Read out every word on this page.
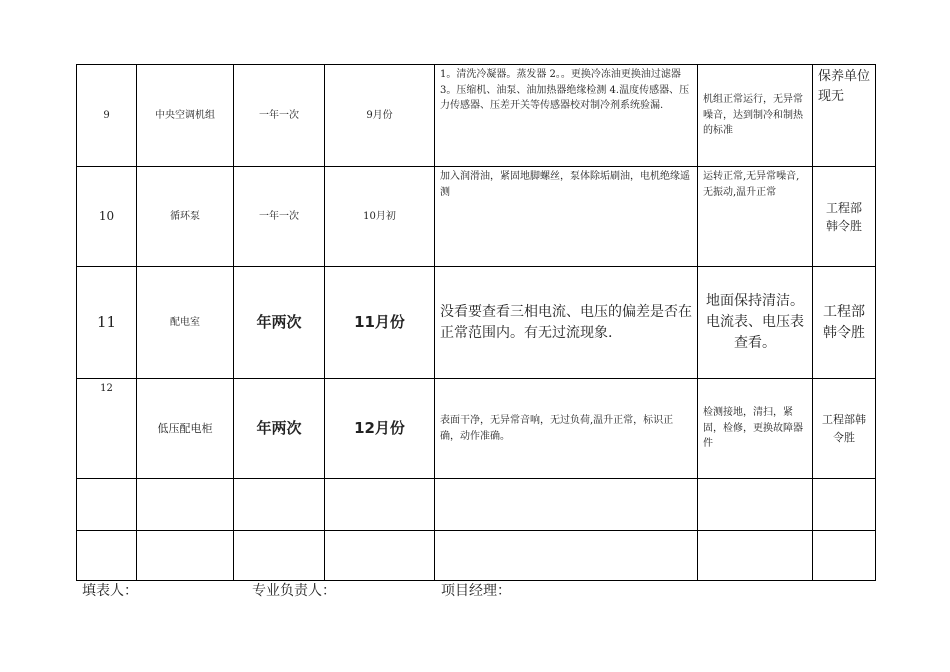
9	中央空调机组	一年一次	9月份	1。清洗冷凝器。蒸发器 2。。更换冷冻油更换油过滤器 3。压缩机、油泵、油加热器绝缘检测 4.温度传感器、压力传感器、压差开关等传感器校对制冷剂系统验漏.	机组正常运行，无异常噪音，达到制冷和制热的标准	保养单位现无
10	循环泵	一年一次	10月初	加入润滑油，紧固地脚螺丝，泵体除垢刷油，电机绝缘遥测	运转正常,无异常噪音,无振动,温升正常	工程部韩令胜
11	配电室	年两次	11月份	没看要查看三相电流、电压的偏差是否在正常范围内。有无过流现象.	地面保持清洁。电流表、电压表查看。	工程部韩令胜
12	低压配电柜	年两次	12月份	表面干净，无异常音响，无过负荷,温升正常，标识正确，动作准确。	检测接地，清扫，紧固，检修，更换故障器件	工程部韩令胜

填表人：	专业负责人：	项目经理：
